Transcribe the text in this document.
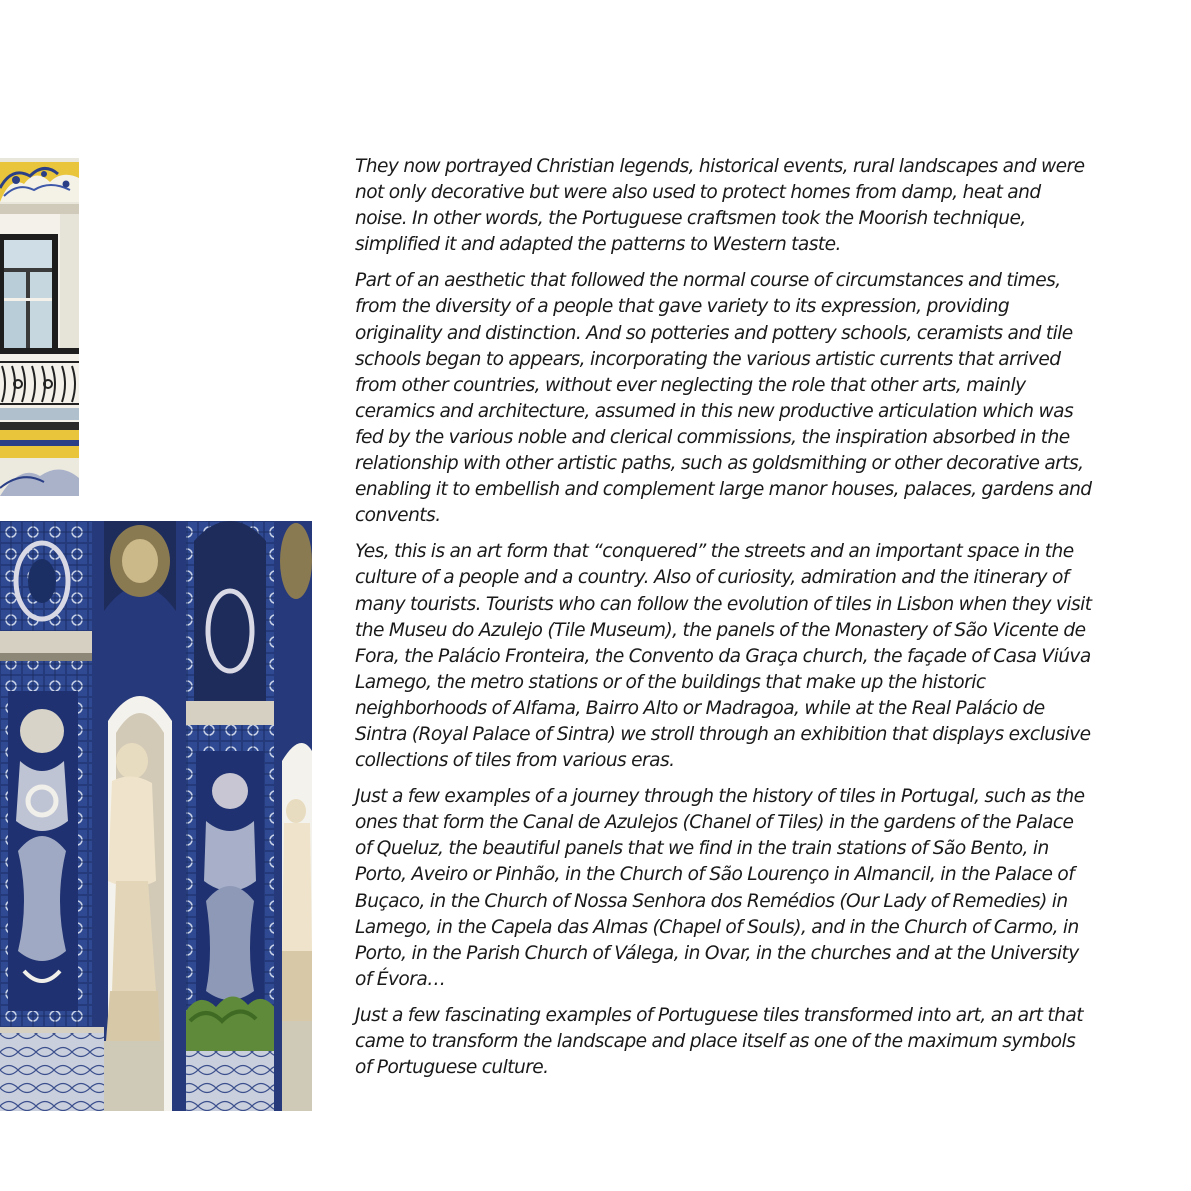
They now portrayed Christian legends, historical events, rural landscapes and were not only decorative but were also used to protect homes from damp, heat and noise. In other words, the Portuguese craftsmen took the Moorish technique, simplified it and adapted the patterns to Western taste.

Part of an aesthetic that followed the normal course of circumstances and times, from the diversity of a people that gave variety to its expression, providing originality and distinction. And so potteries and pottery schools, ceramists and tile schools began to appears, incorporating the various artistic currents that arrived from other countries, without ever neglecting the role that other arts, mainly ceramics and architecture, assumed in this new productive articulation which was fed by the various noble and clerical commissions, the inspiration absorbed in the relationship with other artistic paths, such as goldsmithing or other decorative arts, enabling it to embellish and complement large manor houses, palaces, gardens and convents.

Yes, this is an art form that “conquered” the streets and an important space in the culture of a people and a country. Also of curiosity, admiration and the itinerary of many tourists. Tourists who can follow the evolution of tiles in Lisbon when they visit the Museu do Azulejo (Tile Museum), the panels of the Monastery of São Vicente de Fora, the Palácio Fronteira, the Convento da Graça church, the façade of Casa Viúva Lamego, the metro stations or of the buildings that make up the historic neighborhoods of Alfama, Bairro Alto or Madragoa, while at the Real Palácio de Sintra (Royal Palace of Sintra) we stroll through an exhibition that displays exclusive collections of tiles from various eras.

Just a few examples of a journey through the history of tiles in Portugal, such as the ones that form the Canal de Azulejos (Chanel of Tiles) in the gardens of the Palace of Queluz, the beautiful panels that we find in the train stations of São Bento, in Porto, Aveiro or Pinhão, in the Church of São Lourenço in Almancil, in the Palace of Buçaco, in the Church of Nossa Senhora dos Remédios (Our Lady of Remedies) in Lamego, in the Capela das Almas (Chapel of Souls), and in the Church of Carmo, in Porto, in the Parish Church of Válega, in Ovar, in the churches and at the University of Évora…

Just a few fascinating examples of Portuguese tiles transformed into art, an art that came to transform the landscape and place itself as one of the maximum symbols of Portuguese culture.
